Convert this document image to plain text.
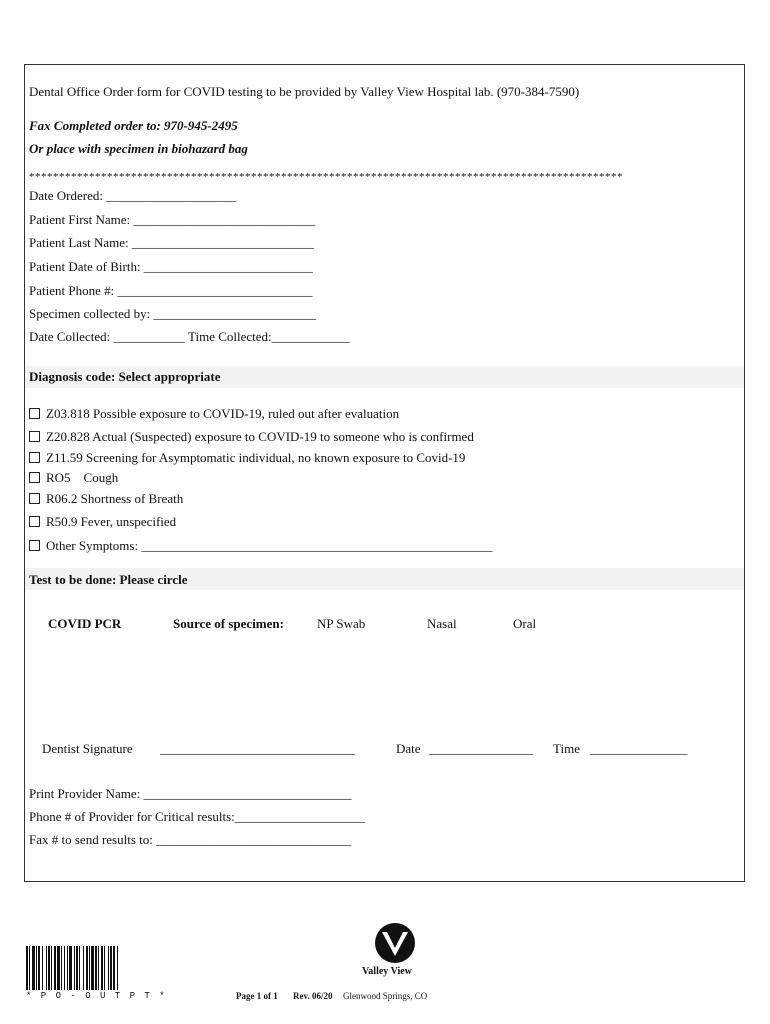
Dental Office Order form for COVID testing to be provided by Valley View Hospital lab. (970-384-7590)
Fax Completed order to: 970-945-2495
Or place with specimen in biohazard bag
***************************************************************************************************
Date Ordered: ____________________
Patient First Name: ____________________________
Patient Last Name: ____________________________
Patient Date of Birth: __________________________
Patient Phone #: ______________________________
Specimen collected by: _________________________
Date Collected: ___________ Time Collected:____________
Diagnosis code: Select appropriate
Z03.818 Possible exposure to COVID-19, ruled out after evaluation
Z20.828 Actual (Suspected) exposure to COVID-19 to someone who is confirmed
Z11.59 Screening for Asymptomatic individual, no known exposure to Covid-19
RO5    Cough
R06.2 Shortness of Breath
R50.9 Fever, unspecified
Other Symptoms: ______________________________________________________
Test to be done: Please circle
COVID PCR	Source of specimen:	NP Swab	Nasal	Oral
Dentist Signature ______________________________	Date ________________ Time _______________
Print Provider Name: ________________________________
Phone # of Provider for Critical results:____________________
Fax # to send results to: ______________________________
* P O - O U T P T *
Valley View
Page 1 of 1 Rev. 06/20 Glenwood Springs, CO
